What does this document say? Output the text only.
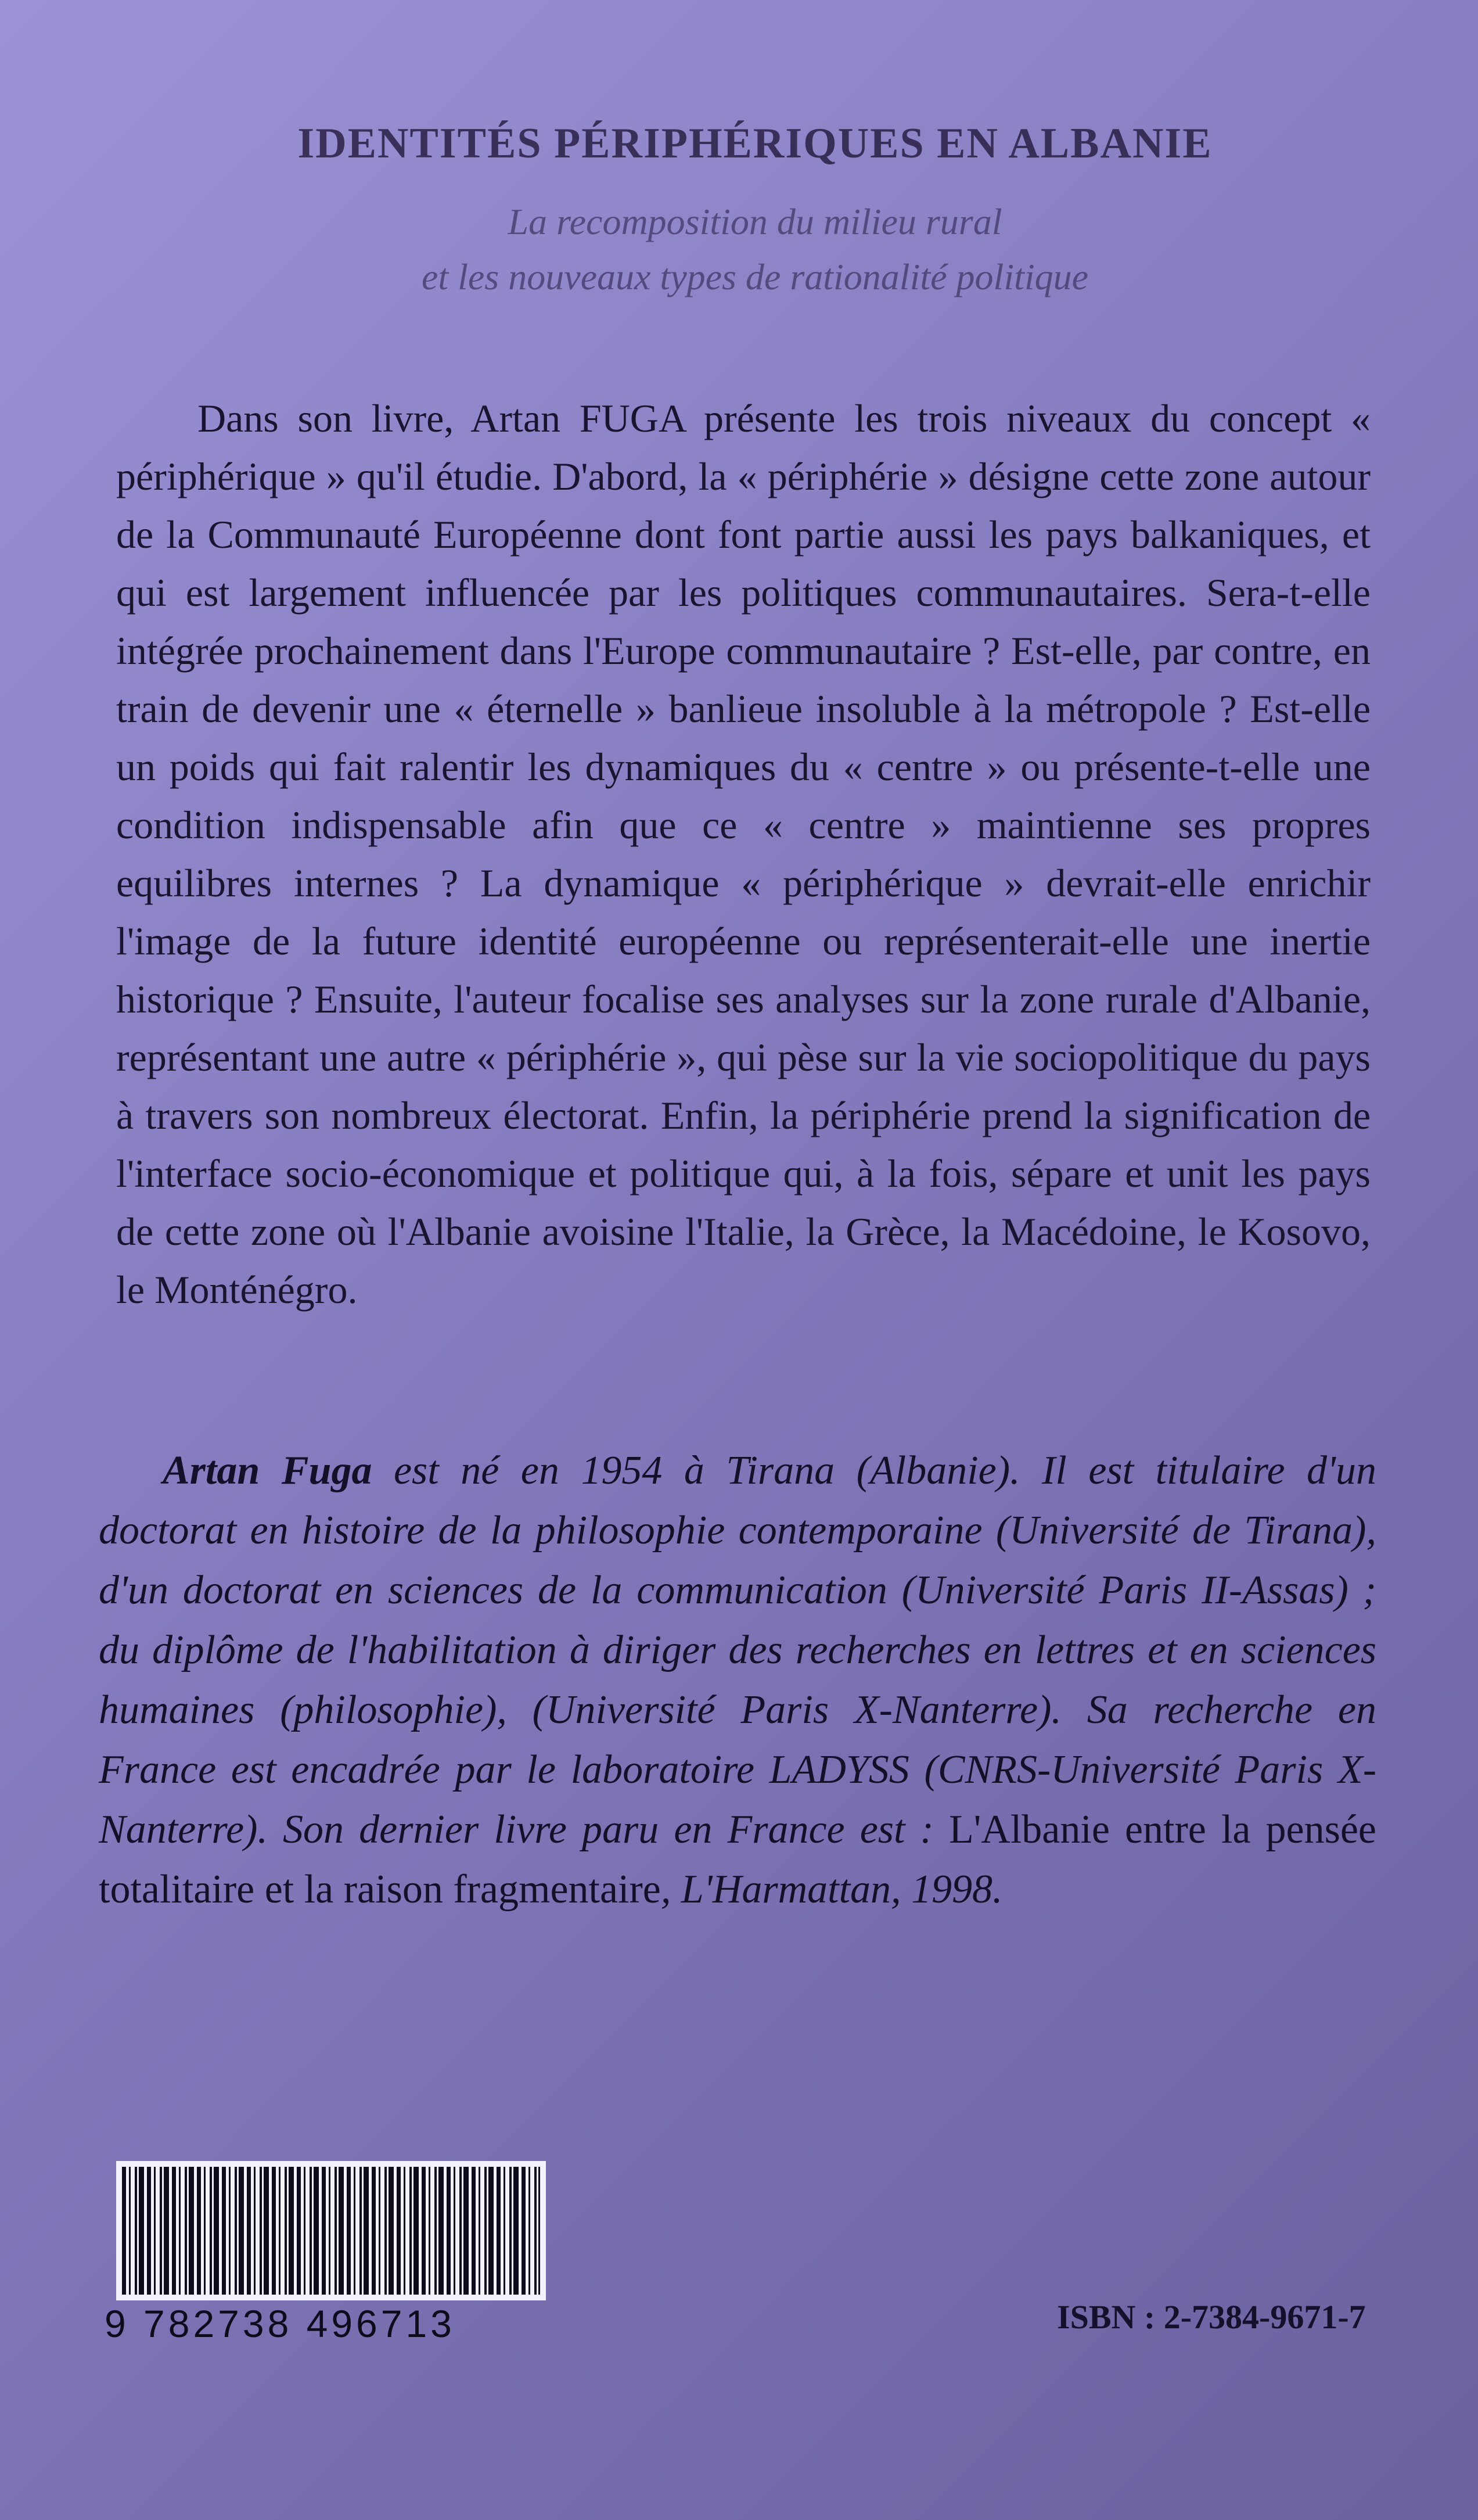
IDENTITÉS PÉRIPHÉRIQUES EN ALBANIE
La recomposition du milieu rural
et les nouveaux types de rationalité politique

Dans son livre, Artan FUGA présente les trois niveaux du concept « périphérique » qu'il étudie. D'abord, la « périphérie » désigne cette zone autour de la Communauté Européenne dont font partie aussi les pays balkaniques, et qui est largement influencée par les politiques communautaires. Sera-t-elle intégrée prochainement dans l'Europe communautaire ? Est-elle, par contre, en train de devenir une « éternelle » banlieue insoluble à la métropole ? Est-elle un poids qui fait ralentir les dynamiques du « centre » ou présente-t-elle une condition indispensable afin que ce « centre » maintienne ses propres equilibres internes ? La dynamique « périphérique » devrait-elle enrichir l'image de la future identité européenne ou représenterait-elle une inertie historique ? Ensuite, l'auteur focalise ses analyses sur la zone rurale d'Albanie, représentant une autre « périphérie », qui pèse sur la vie sociopolitique du pays à travers son nombreux électorat. Enfin, la périphérie prend la signification de l'interface socio-économique et politique qui, à la fois, sépare et unit les pays de cette zone où l'Albanie avoisine l'Italie, la Grèce, la Macédoine, le Kosovo, le Monténégro.

Artan Fuga est né en 1954 à Tirana (Albanie). Il est titulaire d'un doctorat en histoire de la philosophie contemporaine (Université de Tirana), d'un doctorat en sciences de la communication (Université Paris II-Assas) ; du diplôme de l'habilitation à diriger des recherches en lettres et en sciences humaines (philosophie), (Université Paris X-Nanterre). Sa recherche en France est encadrée par le laboratoire LADYSS (CNRS-Université Paris X-Nanterre). Son dernier livre paru en France est : L'Albanie entre la pensée totalitaire et la raison fragmentaire, L'Harmattan, 1998.

9 782738 496713	ISBN : 2-7384-9671-7
